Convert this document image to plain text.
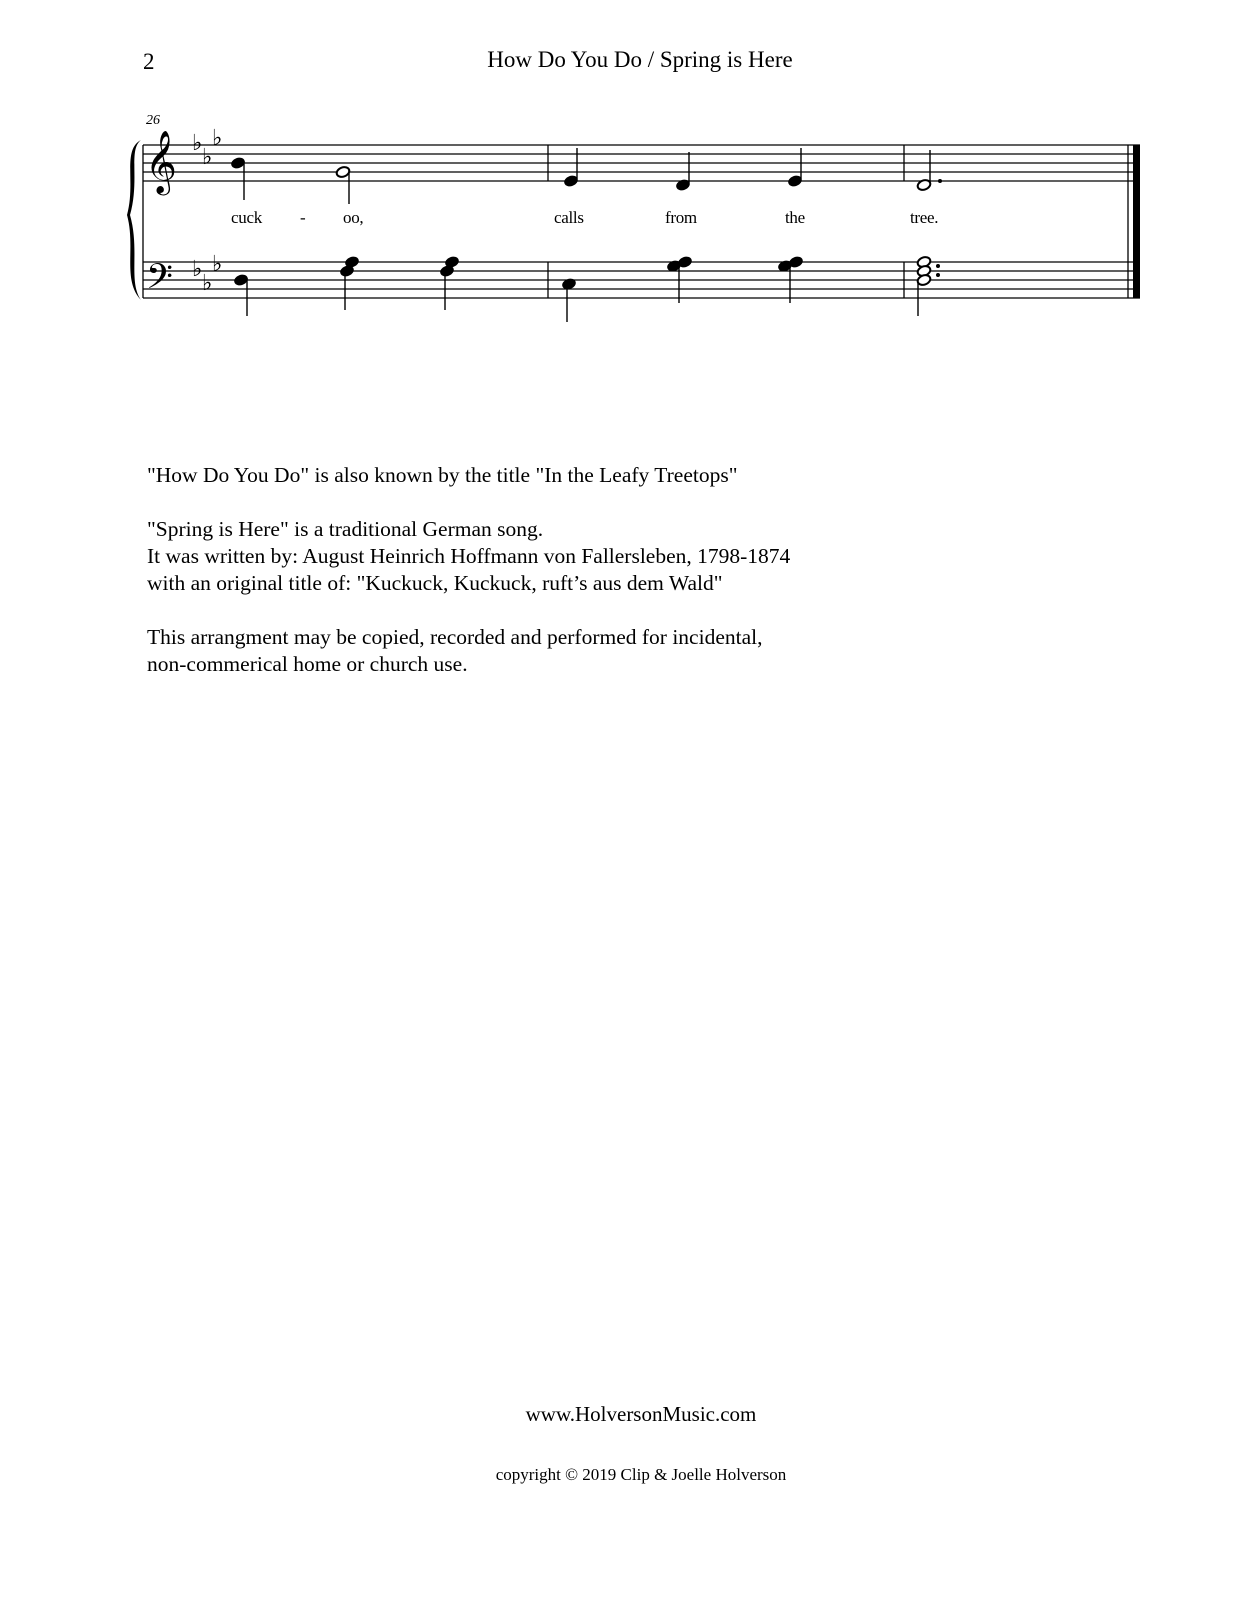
2	How Do You Do / Spring is Here
26
𝄞
𝄢
♭
♭
♭
♭
♭
♭
cuck - oo,	calls	from	the	tree.

"How Do You Do" is also known by the title "In the Leafy Treetops"

"Spring is Here" is a traditional German song.

It was written by: August Heinrich Hoffmann von Fallersleben, 1798-1874

with an original title of: "Kuckuck, Kuckuck, ruft’s aus dem Wald"

This arrangment may be copied, recorded and performed for incidental,

non-commerical home or church use.

www.HolversonMusic.com
copyright © 2019 Clip & Joelle Holverson
